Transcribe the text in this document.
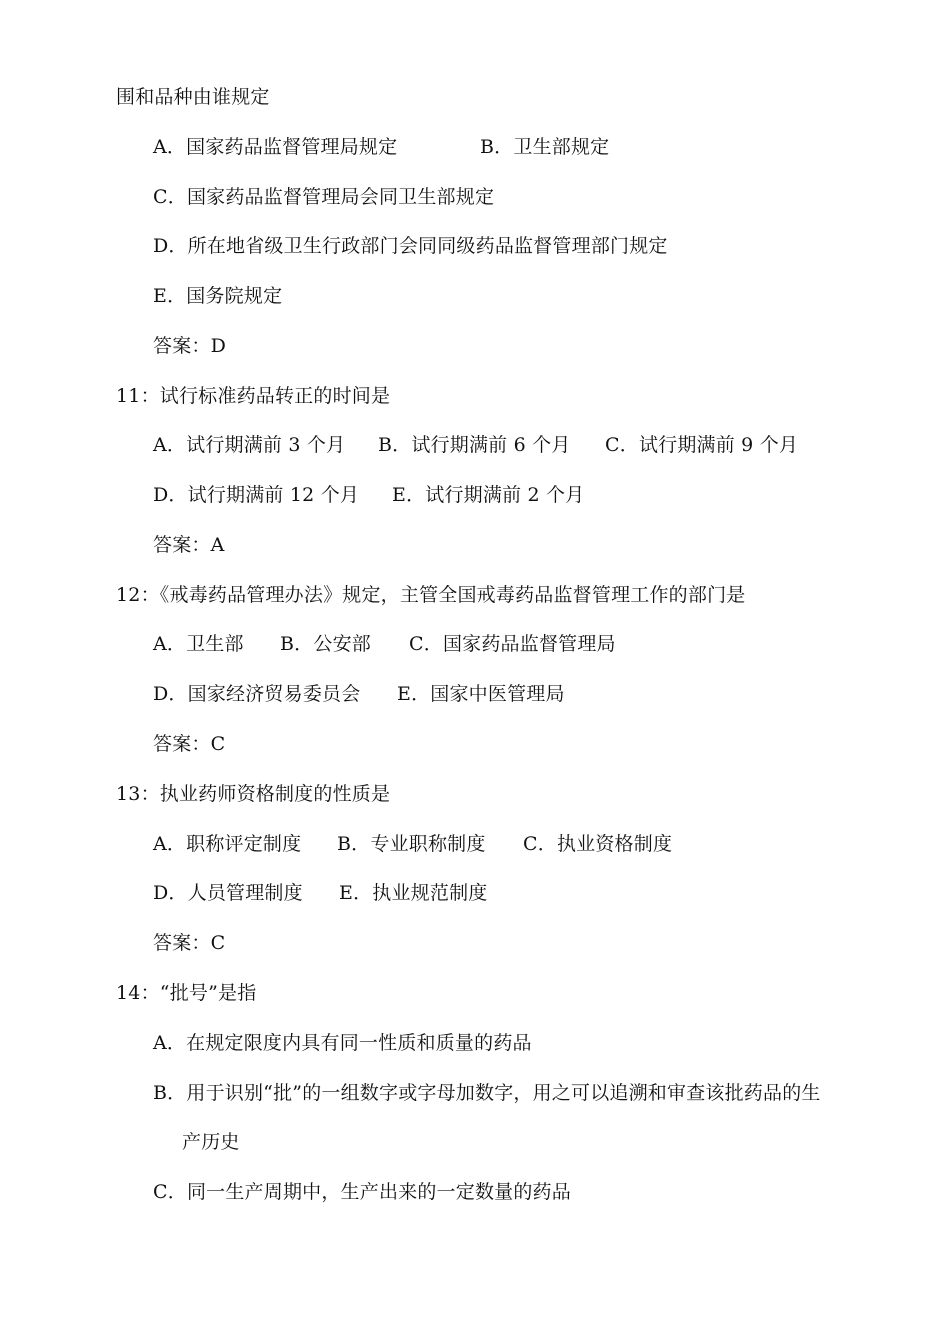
围和品种由谁规定
A．国家药品监督管理局规定	B．卫生部规定
C．国家药品监督管理局会同卫生部规定
D．所在地省级卫生行政部门会同同级药品监督管理部门规定
E．国务院规定
答案：D
11：试行标准药品转正的时间是
A．试行期满前 3 个月 B．试行期满前 6 个月 C．试行期满前 9 个月
D．试行期满前 12 个月 E．试行期满前 2 个月
答案：A
12：《戒毒药品管理办法》规定，主管全国戒毒药品监督管理工作的部门是
A．卫生部 B．公安部 C．国家药品监督管理局
D．国家经济贸易委员会 E．国家中医管理局
答案：C
13：执业药师资格制度的性质是
A．职称评定制度 B．专业职称制度 C．执业资格制度
D．人员管理制度 E．执业规范制度
答案：C
14：“批号”是指
A．在规定限度内具有同一性质和质量的药品
B．用于识别“批”的一组数字或字母加数字，用之可以追溯和审查该批药品的生
产历史
C．同一生产周期中，生产出来的一定数量的药品
